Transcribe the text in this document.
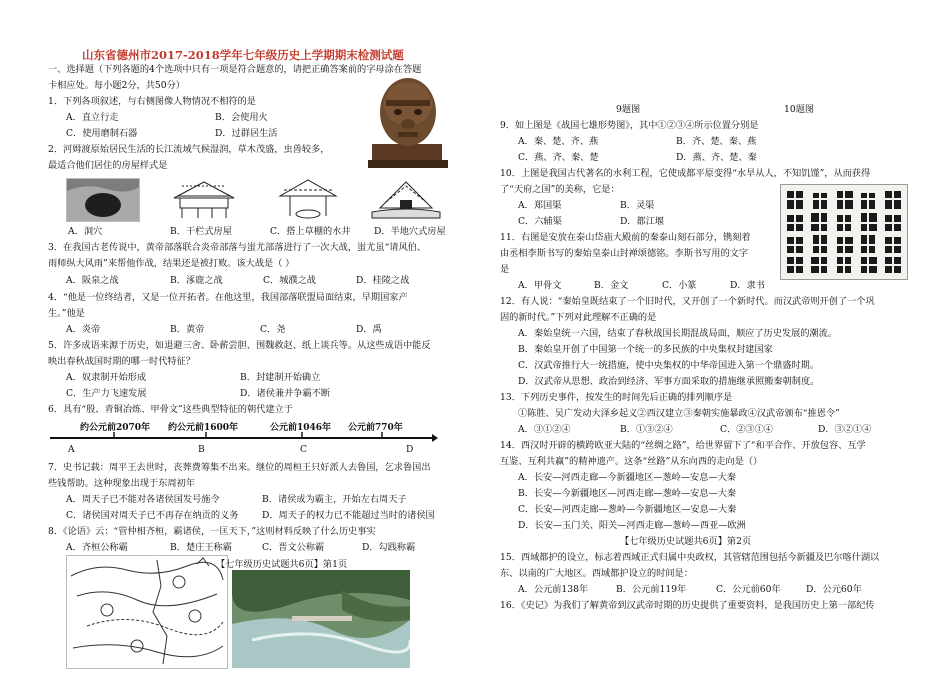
山东省德州市2017-2018学年七年级历史上学期期末检测试题
一、选择题（下列各题的4个选项中只有一项是符合题意的，请把正确答案前的字母涂在答题
卡相应处。每小题2分，共50分）
1．下列各项叙述，与右侧图像人物情况不相符的是
A．直立行走	B．会使用火
C．使用磨制石器	D．过群居生活
2．河姆渡原始居民生活的长江流域气候湿润，草木茂盛，虫兽较多，
最适合他们居住的房屋样式是
A．洞穴	B．干栏式房屋	C．搭上草棚的水井	D．半地穴式房屋
3．在我国古老传说中，黄帝部落联合炎帝部落与蚩尤部落进行了一次大战，蚩尤虽“请风伯、
雨师纵大风雨”来帮他作战，结果还是被打败。该大战是（ ）
A．阪泉之战	B．涿鹿之战	C．城濮之战	D．桂陵之战
4．“他是一位终结者，又是一位开拓者。在他这里，我国部落联盟局面结束，早期国家产
生。”他是
A．炎帝	B．黄帝	C．尧	D．禹
5．许多成语来源于历史，如退避三舍、卧薪尝胆、围魏救赵、纸上谈兵等。从这些成语中能反
映出春秋战国时期的哪一时代特征？
A．奴隶制开始形成	B．封建制开始确立
C．生产力飞速发展	D．诸侯兼并争霸不断
6．具有“殷、青铜冶炼、甲骨文”这些典型特征的朝代建立于
约公元前2070年 约公元前1600年	公元前1046年 公元前770年
A	B	C	D
7．史书记载：周平王去世时，丧葬费筹集不出来。继位的周桓王只好派人去鲁国，乞求鲁国出
些钱帮助。这种现象出现于东周初年
A．周天子已不能对各诸侯国发号施令	B．诸侯成为霸主，开始左右周天子
C．诸侯国对周天子已不再存在纳贡的义务	D．周天子的权力已不能超过当时的诸侯国
8．《论语》云：“管仲相齐桓，霸诸侯，一匡天下，”这则材料反映了什么历史事实
A．齐桓公称霸	B．楚庄王称霸	C．晋文公称霸	D．勾践称霸
【七年级历史试题共6页】第1页
9题图	10题图
9．如上图是《战国七雄形势图》，其中①②③④所示位置分别是
A．秦、楚、齐、燕	B．齐、楚、秦、燕
C．燕、齐、秦、楚	D．燕、齐、楚、秦
10．上图是我国古代著名的水利工程，它使成都平原变得“水旱从人，不知饥馑”，从而获得
了“天府之国”的美称，它是：
A．郑国渠	B．灵渠
C．六辅渠	D．都江堰
11．右图是安放在泰山岱庙大殿前的秦泰山刻石部分，镌刻着
由丞相李斯书写的秦始皇泰山封禅颂德铭。李斯书写用的文字
是
A．甲骨文	B．金文	C．小篆	D．隶书
12．有人说：“秦始皇既结束了一个旧时代，又开创了一个新时代。而汉武帝则开创了一个巩
固的新时代。”下列对此理解不正确的是
A．秦始皇统一六国，结束了春秋战国长期混战局面，顺应了历史发展的潮流。
B．秦始皇开创了中国第一个统一的多民族的中央集权封建国家
C．汉武帝推行大一统措施，使中央集权的中华帝国进入第一个鼎盛时期。
D．汉武帝从思想、政治到经济、军事方面采取的措施继承照搬秦朝制度。
13．下列历史事件，按发生的时间先后正确的排列顺序是
①陈胜、吴广发动大泽乡起义②西汉建立③秦朝实施暴政④汉武帝颁布“推恩令”
A．③①②④	B．①③②④	C．②③①④	D．③②①④
14．西汉时开辟的横跨欧亚大陆的“丝绸之路”，给世界留下了“和平合作、开放包容、互学
互鉴、互利共赢”的精神遗产。这条“丝路”从东向西的走向是（）
A．长安—河西走廊—今新疆地区—葱岭—安息—大秦
B．长安—今新疆地区—河西走廊—葱岭—安息—大秦
C．长安—河西走廊—葱岭—今新疆地区—安息—大秦
D．长安—玉门关、阳关—河西走廊—葱岭—西亚—欧洲
【七年级历史试题共6页】第2页
15．西域都护的设立，标志着西域正式归属中央政权，其管辖范围包括今新疆及巴尔喀什湖以
东、以南的广大地区。西域都护设立的时间是：
A．公元前138年	B．公元前119年	C．公元前60年	D．公元60年
16．《史记》为我们了解黄帝到汉武帝时期的历史提供了重要资料，是我国历史上第一部纪传
